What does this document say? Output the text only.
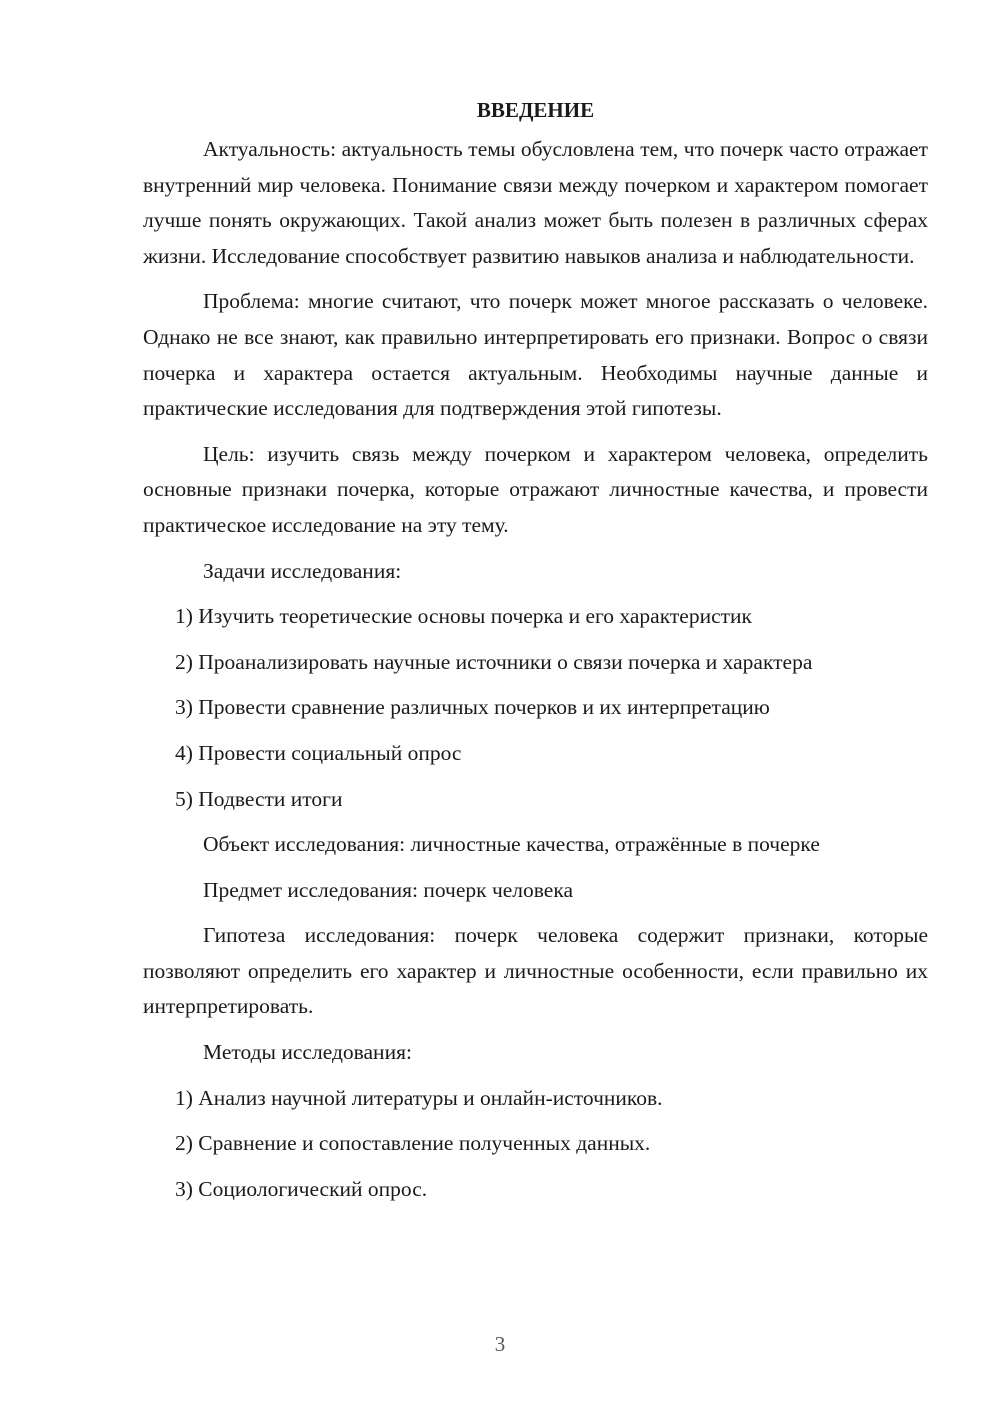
ВВЕДЕНИЕ

Актуальность: актуальность темы обусловлена тем, что почерк часто отражает внутренний мир человека. Понимание связи между почерком и характером помогает лучше понять окружающих. Такой анализ может быть полезен в различных сферах жизни. Исследование способствует развитию навыков анализа и наблюдательности.

Проблема: многие считают, что почерк может многое рассказать о человеке. Однако не все знают, как правильно интерпретировать его признаки. Вопрос о связи почерка и характера остается актуальным. Необходимы научные данные и практические исследования для подтверждения этой гипотезы.

Цель: изучить связь между почерком и характером человека, определить основные признаки почерка, которые отражают личностные качества, и провести практическое исследование на эту тему.

Задачи исследования:
1) Изучить теоретические основы почерка и его характеристик
2) Проанализировать научные источники о связи почерка и характера
3) Провести сравнение различных почерков и их интерпретацию
4) Провести социальный опрос
5) Подвести итоги
Объект исследования: личностные качества, отражённые в почерке
Предмет исследования: почерк человека

Гипотеза исследования: почерк человека содержит признаки, которые позволяют определить его характер и личностные особенности, если правильно их интерпретировать.

Методы исследования:
1) Анализ научной литературы и онлайн-источников.
2) Сравнение и сопоставление полученных данных.
3) Социологический опрос.
3
